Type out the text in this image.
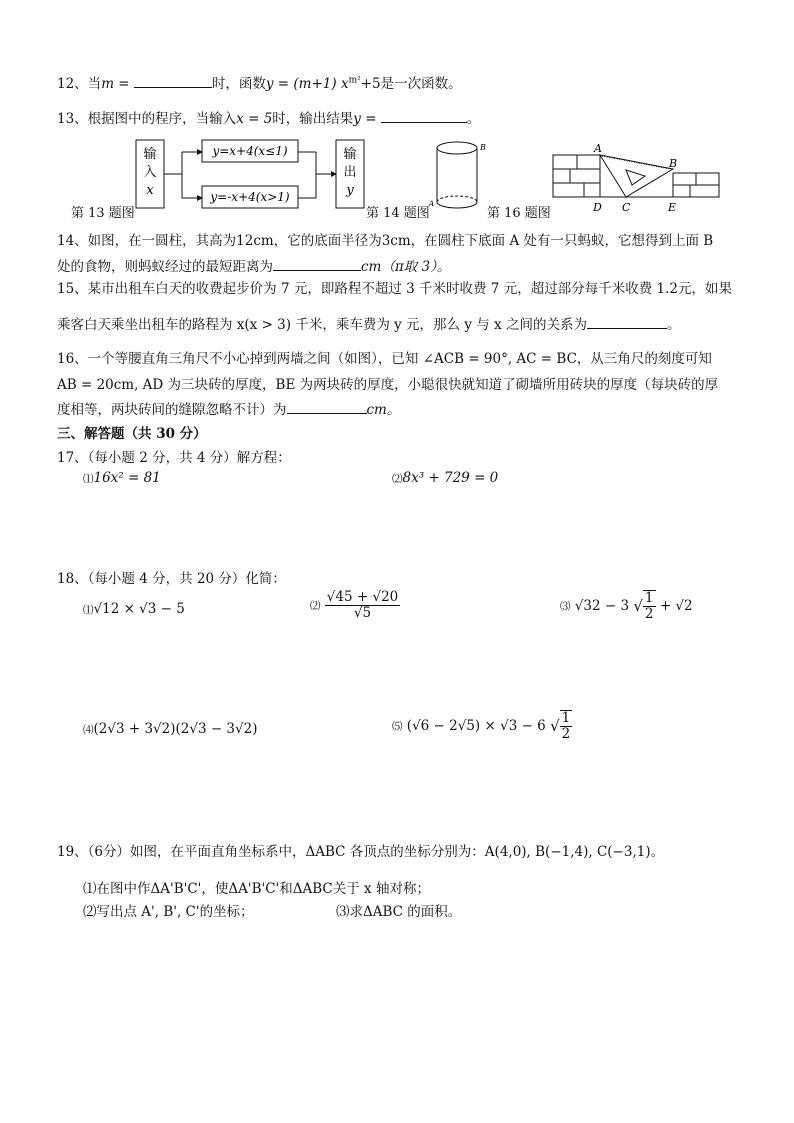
12、当m =	时，函数y = (m+1) $x^{m^2}+5$是一次函数。
13、根据图中的程序，当输入x = 5时，输出结果y =	。
输
入
x
y=x+4(x≤1)
y=-x+4(x>1)
输
出
y
第 13 题图
B
A
第 14 题图
A
B
D C	E
第 16 题图
14、如图，在一圆柱，其高为12cm，它的底面半径为3cm，在圆柱下底面 A 处有一只蚂蚁，它想得到上面 B
处的食物，则蚂蚁经过的最短距离为	cm（π取 3）。
15、某市出租车白天的收费起步价为 7 元，即路程不超过 3 千米时收费 7 元，超过部分每千米收费 1.2元，如果
乘客白天乘坐出租车的路程为 x(x > 3) 千米，乘车费为 y 元，那么 y 与 x 之间的关系为	。
16、一个等腰直角三角尺不小心掉到两墙之间（如图），已知 ∠ACB = 90°, AC = BC，从三角尺的刻度可知
AB = 20cm, AD 为三块砖的厚度，BE 为两块砖的厚度，小聪很快就知道了砌墙所用砖块的厚度（每块砖的厚
度相等，两块砖间的缝隙忽略不计）为	cm。
三、解答题（共 30 分）
17、（每小题 2 分，共 4 分）解方程：
⑴16x² = 81	⑵8x³ + 729 = 0
18、（每小题 4 分，共 20 分）化简：
⑴√12 × √3 − 5	⑵ $\frac{√45 + √20}{√5}$	⑶ √32 − 3 √ $\frac{1}{2} + √2$
⑷(2√3 + 3√2)(2√3 − 3√2)	⑸ (√6 − 2√5) × √3 − 6 √ $\frac{1}{2}$
19、（6分）如图，在平面直角坐标系中，ΔABC 各顶点的坐标分别为：A(4,0), B(−1,4), C(−3,1)。
⑴在图中作ΔA'B'C'，使ΔA'B'C'和ΔABC关于 x 轴对称；
⑵写出点 A', B', C'的坐标；	⑶求ΔABC 的面积。
